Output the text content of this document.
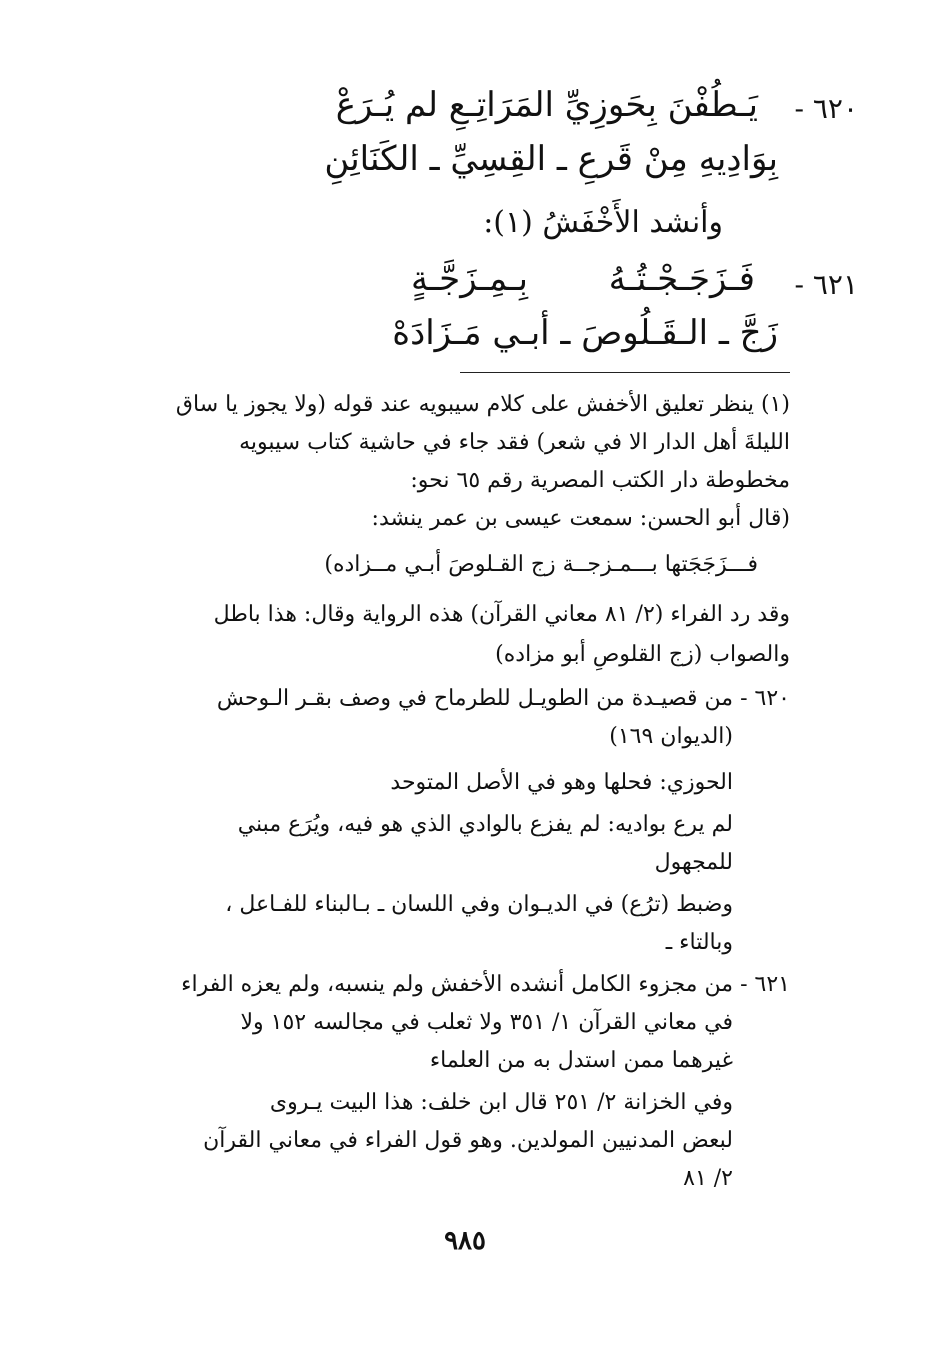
٦٢٠ -
يَـطُفْنَ بِحَوزِيِّ المَرَاتِـعِ لم يُـرَعْ
بِوَادِيهِ مِنْ قَرعِ ـ القِسِيِّ ـ الكَنَائِنِ
وأنشد الأَخْفَشُ (١):
٦٢١ -
فَـزَجَـجْـتُـهُ
بِـمِـزَجَّـةٍ
زَجَّ ـ الـقَـلُوصَ ـ أبـي مَـزَادَهْ
(١) ينظر تعليق الأخفش على كلام سيبويه عند قوله (ولا يجوز يا ساق
الليلةَ أهل الدار الا في شعر) فقد جاء في حاشية كتاب سيبويه
مخطوطة دار الكتب المصرية رقم ٦٥ نحو:
(قال أبو الحسن: سمعت عيسى بن عمر ينشد:
فـــزَجَجَتها بـــمـزجــة زج القـلوصَ أبـي مــزاده)
وقد رد الفراء (٢/ ٨١ معاني القرآن) هذه الرواية وقال: هذا باطل
والصواب (زج القلوصِ أبو مزاده)
٦٢٠ -
من قصيـدة من الطويـل للطرماح في وصف بقـر الـوحش
(الديوان ١٦٩)
الحوزي: فحلها وهو في الأصل المتوحد
لم يرع بواديه: لم يفزع بالوادي الذي هو فيه، ويُرَع مبني
للمجهول
وضبط (ترُع) في الديـوان وفي اللسان ـ بـالبناء للفـاعل ،
وبالتاء ـ
٦٢١ -
من مجزوء الكامل أنشده الأخفش ولم ينسبه، ولم يعزه الفراء
في معاني القرآن ١/ ٣٥١ ولا ثعلب في مجالسه ١٥٢ ولا
غيرهما ممن استدل به من العلماء
وفي الخزانة ٢/ ٢٥١ قال ابن خلف: هذا البيت يـروى
لبعض المدنيين المولدين. وهو قول الفراء في معاني القرآن
٢/ ٨١
٩٨٥
